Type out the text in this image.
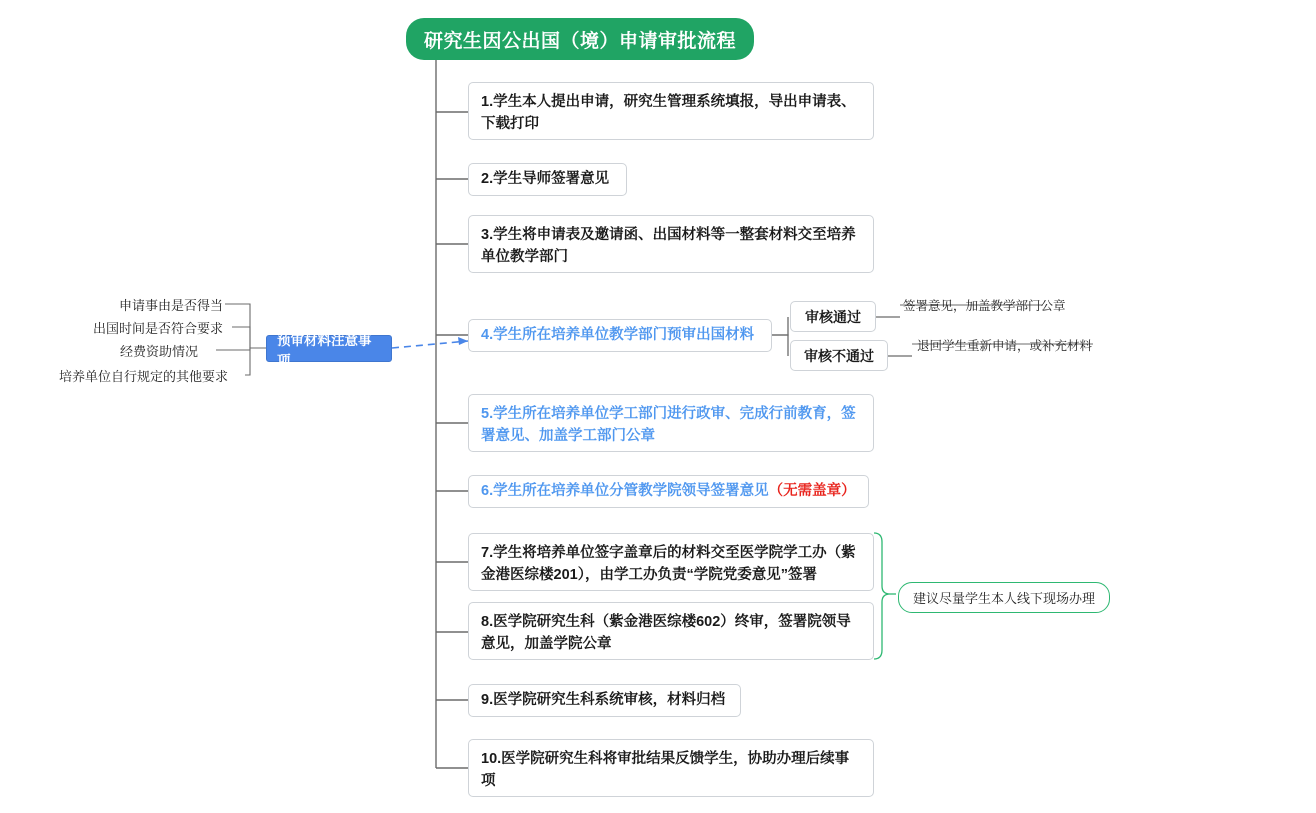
研究生因公出国（境）申请审批流程
1.学生本人提出申请，研究生管理系统填报，导出申请表、下载打印
2.学生导师签署意见
3.学生将申请表及邀请函、出国材料等一整套材料交至培养单位教学部门
4.学生所在培养单位教学部门预审出国材料
5.学生所在培养单位学工部门进行政审、完成行前教育，签署意见、加盖学工部门公章
6.学生所在培养单位分管教学院领导签署意见 （无需盖章）
7.学生将培养单位签字盖章后的材料交至医学院学工办（紫金港医综楼201），由学工办负责“学院党委意见”签署
8.医学院研究生科（紫金港医综楼602）终审，签署院领导意见，加盖学院公章
9.医学院研究生科系统审核，材料归档
10.医学院研究生科将审批结果反馈学生，协助办理后续事项
审核通过
审核不通过
签署意见，加盖教学部门公章
退回学生重新申请，或补充材料
预审材料注意事项
申请事由是否得当
出国时间是否符合要求
经费资助情况
培养单位自行规定的其他要求
建议尽量学生本人线下现场办理
